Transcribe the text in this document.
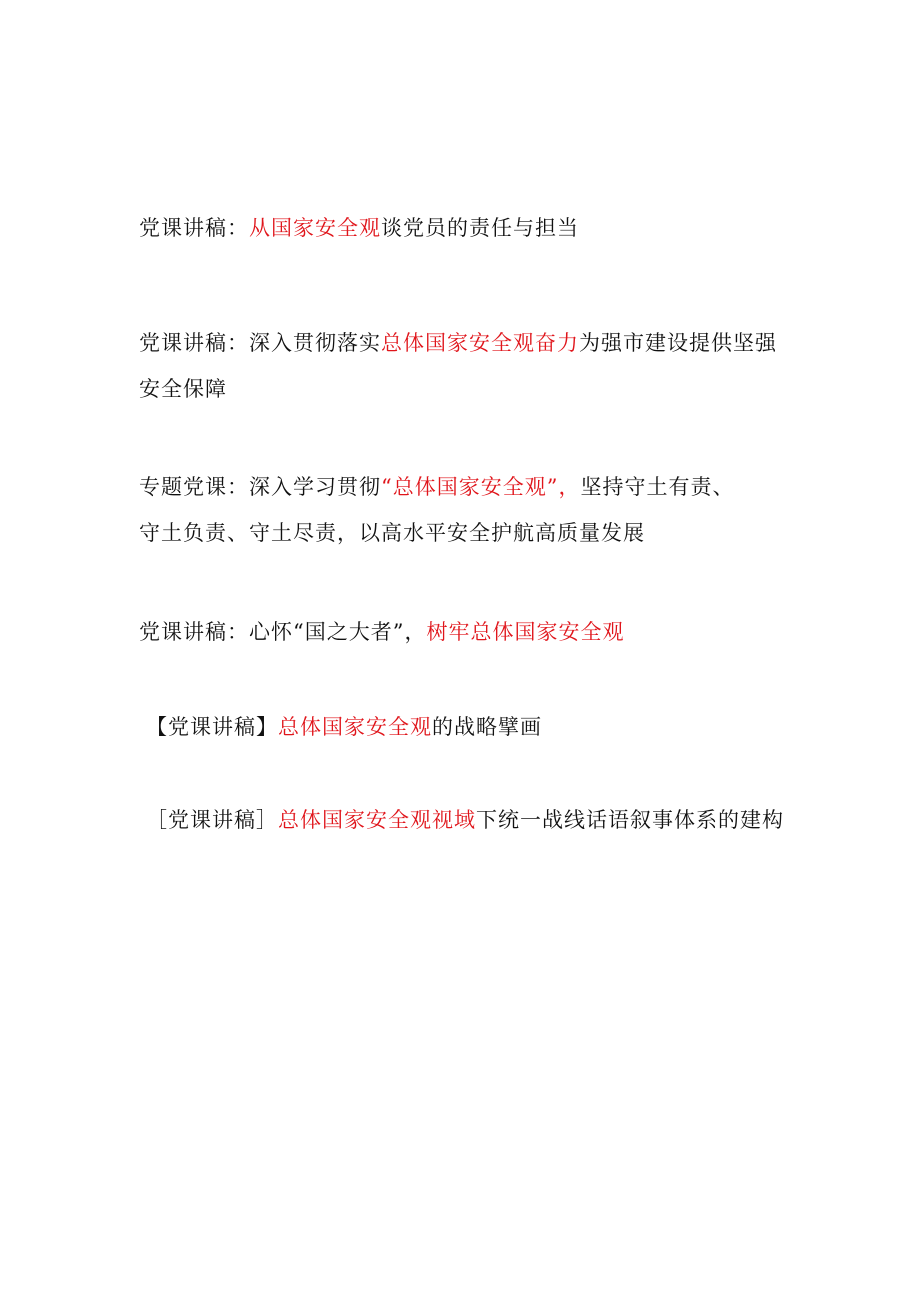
党课讲稿：从国家安全观谈党员的责任与担当
党课讲稿：深入贯彻落实总体国家安全观奋力为强市建设提供坚强安全保障
专题党课：深入学习贯彻“总体国家安全观”，坚持守土有责、守土负责、守土尽责，以高水平安全护航高质量发展
党课讲稿：心怀“国之大者”，树牢总体国家安全观
【党课讲稿】总体国家安全观的战略擘画
［党课讲稿］总体国家安全观视域下统一战线话语叙事体系的建构
